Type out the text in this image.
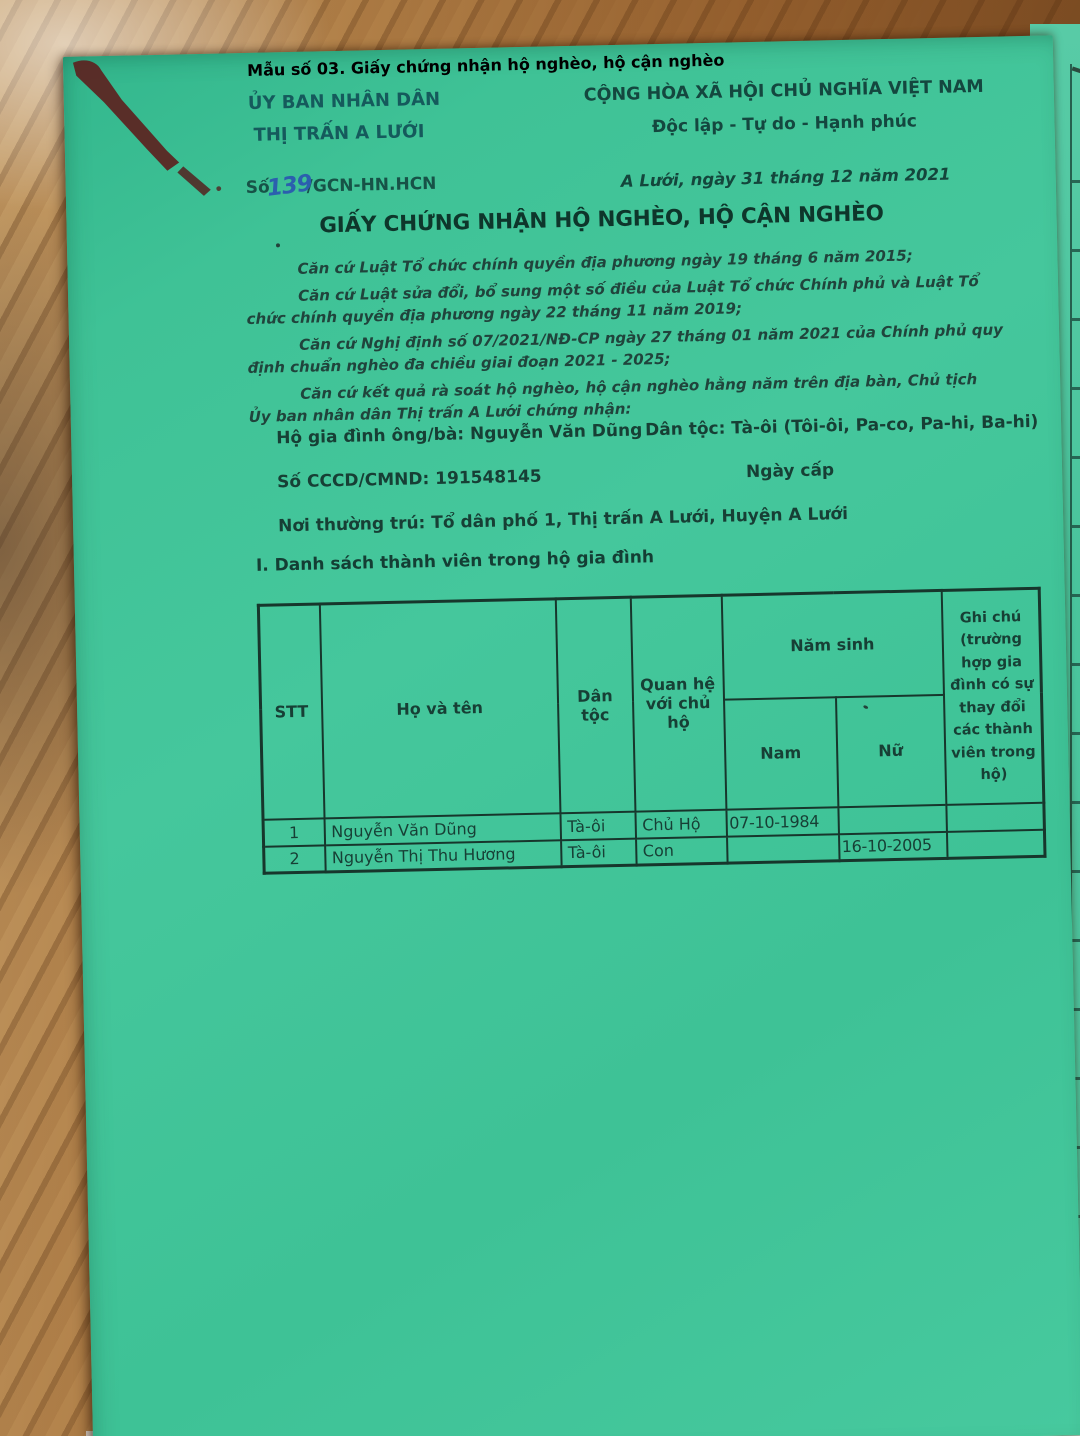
Mẫu số 03. Giấy chứng nhận hộ nghèo, hộ cận nghèo
ỦY BAN NHÂN DÂN
THỊ TRẤN A LƯỚI
CỘNG HÒA XÃ HỘI CHỦ NGHĨA VIỆT NAM
Độc lập - Tự do - Hạnh phúc
Số139/GCN-HN.HCN	A Lưới, ngày 31 tháng 12 năm 2021
GIẤY CHỨNG NHẬN HỘ NGHÈO, HỘ CẬN NGHÈO

Căn cứ Luật Tổ chức chính quyền địa phương ngày 19 tháng 6 năm 2015;

Căn cứ Luật sửa đổi, bổ sung một số điều của Luật Tổ chức Chính phủ và Luật Tổ chức chính quyền địa phương ngày 22 tháng 11 năm 2019;

Căn cứ Nghị định số 07/2021/NĐ-CP ngày 27 tháng 01 năm 2021 của Chính phủ quy định chuẩn nghèo đa chiều giai đoạn 2021 - 2025;

Căn cứ kết quả rà soát hộ nghèo, hộ cận nghèo hằng năm trên địa bàn, Chủ tịch Ủy ban nhân dân Thị trấn A Lưới chứng nhận:

Hộ gia đình ông/bà: Nguyễn Văn Dũng Dân tộc: Tà-ôi (Tôi-ôi, Pa-co, Pa-hi, Ba-hi)
Số CCCD/CMND: 191548145	Ngày cấp
Nơi thường trú: Tổ dân phố 1, Thị trấn A Lưới, Huyện A Lưới
I. Danh sách thành viên trong hộ gia đình
STT	Họ và tên	Dân tộc	Quan hệ với chủ hộ	Năm sinh		Ghi chú (trường hợp gia đình có sự thay đổi các thành viên trong hộ)
				Nam	Nữ	
1	Nguyễn Văn Dũng	Tà-ôi	Chủ Hộ	07-10-1984		
2	Nguyễn Thị Thu Hương	Tà-ôi	Con		16-10-2005	
